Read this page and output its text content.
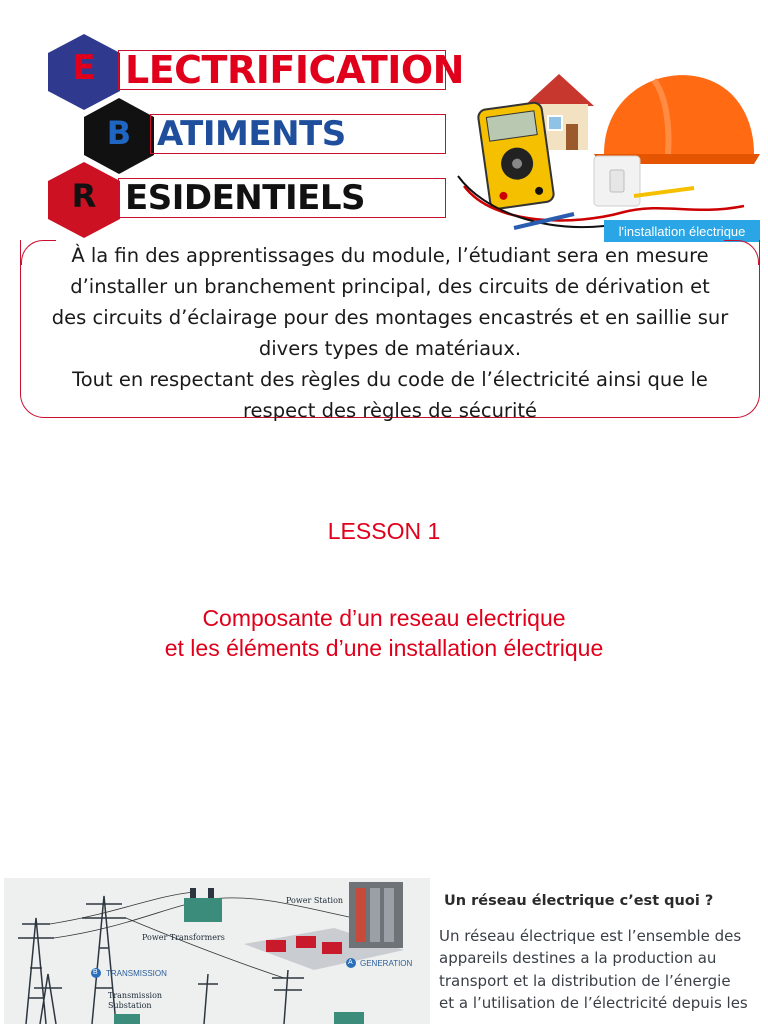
E LECTRIFICATION
B ATIMENTS
R ESIDENTIELS
l'installation électrique

À la fin des apprentissages du module, l’étudiant sera en mesure

d’installer un branchement principal, des circuits de dérivation et

des circuits d’éclairage pour des montages encastrés et en saillie sur

divers types de matériaux.

Tout en respectant des règles du code de l’électricité ainsi que le

respect des règles de sécurité

LESSON 1

Composante d’un reseau electrique

et les éléments d’une installation électrique

Power Station
Power Transformers
TRANSMISSION
GENERATION
Transmission
Substation
B
A
Un réseau électrique c’est quoi ?
Un réseau électrique est l’ensemble des
appareils destines a la production au
transport et la distribution de l’énergie
et a l’utilisation de l’électricité depuis les
